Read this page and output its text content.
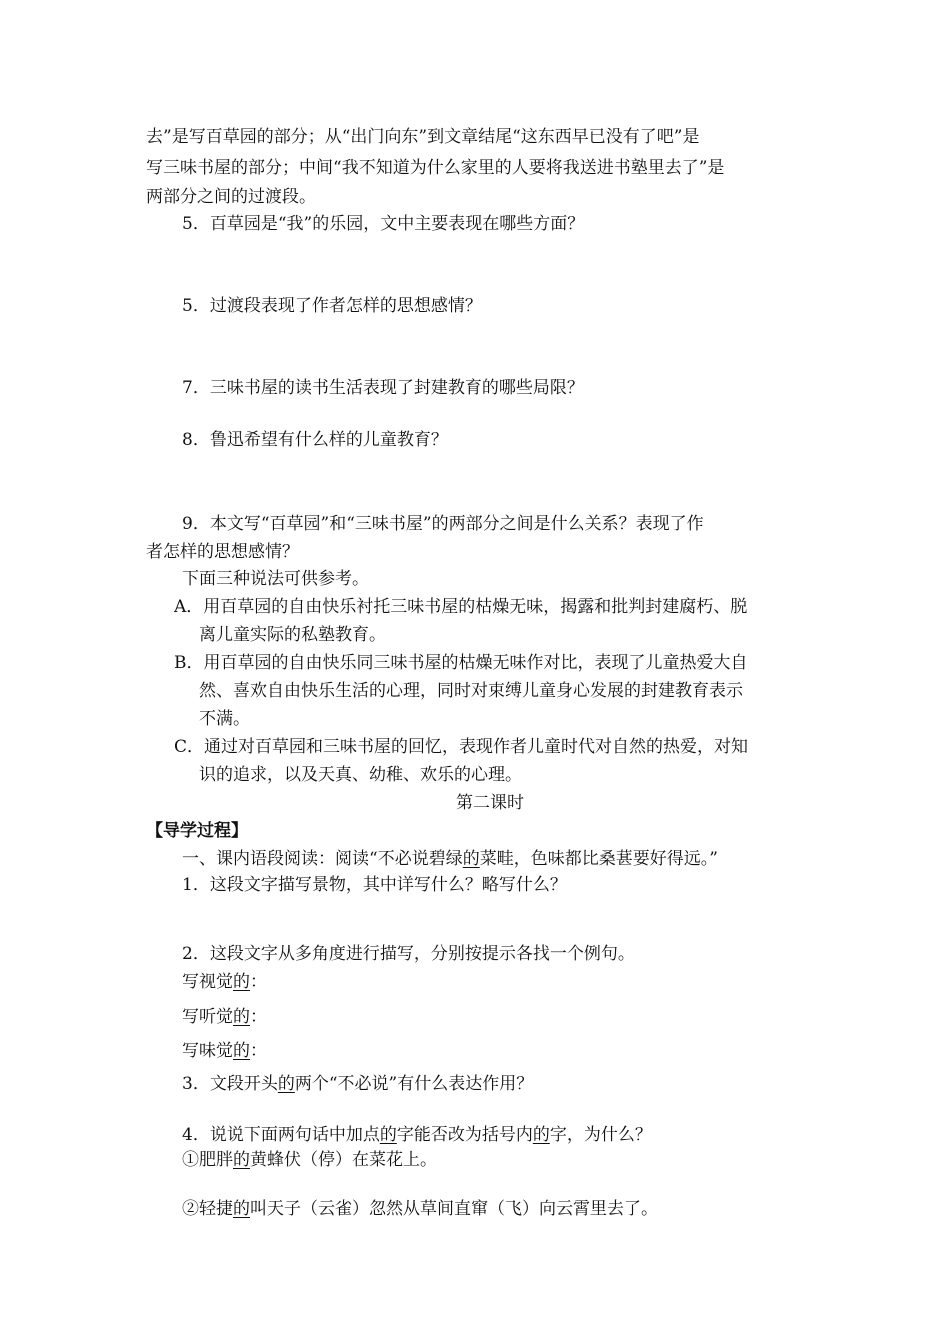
去”是写百草园的部分；从“出门向东”到文章结尾“这东西早已没有了吧”是
写三味书屋的部分；中间“我不知道为什么家里的人要将我送进书塾里去了”是
两部分之间的过渡段。
5．百草园是“我”的乐园，文中主要表现在哪些方面？
5．过渡段表现了作者怎样的思想感情？
7．三味书屋的读书生活表现了封建教育的哪些局限？
8．鲁迅希望有什么样的儿童教育？
9．本文写“百草园”和“三味书屋”的两部分之间是什么关系？表现了作
者怎样的思想感情？
下面三种说法可供参考。
A．用百草园的自由快乐衬托三味书屋的枯燥无味，揭露和批判封建腐朽、脱
离儿童实际的私塾教育。
B．用百草园的自由快乐同三味书屋的枯燥无味作对比，表现了儿童热爱大自
然、喜欢自由快乐生活的心理，同时对束缚儿童身心发展的封建教育表示
不满。
C．通过对百草园和三味书屋的回忆，表现作者儿童时代对自然的热爱，对知
识的追求，以及天真、幼稚、欢乐的心理。
第二课时
【导学过程】
一、课内语段阅读：阅读“不必说碧绿的菜畦，色味都比桑葚要好得远。”
1．这段文字描写景物，其中详写什么？略写什么？
2．这段文字从多角度进行描写，分别按提示各找一个例句。
写视觉的：
写听觉的：
写味觉的：
3．文段开头的两个“不必说”有什么表达作用？
4．说说下面两句话中加点的字能否改为括号内的字，为什么？
①肥胖的黄蜂伏（停）在菜花上。
②轻捷的叫天子（云雀）忽然从草间直窜（飞）向云霄里去了。
